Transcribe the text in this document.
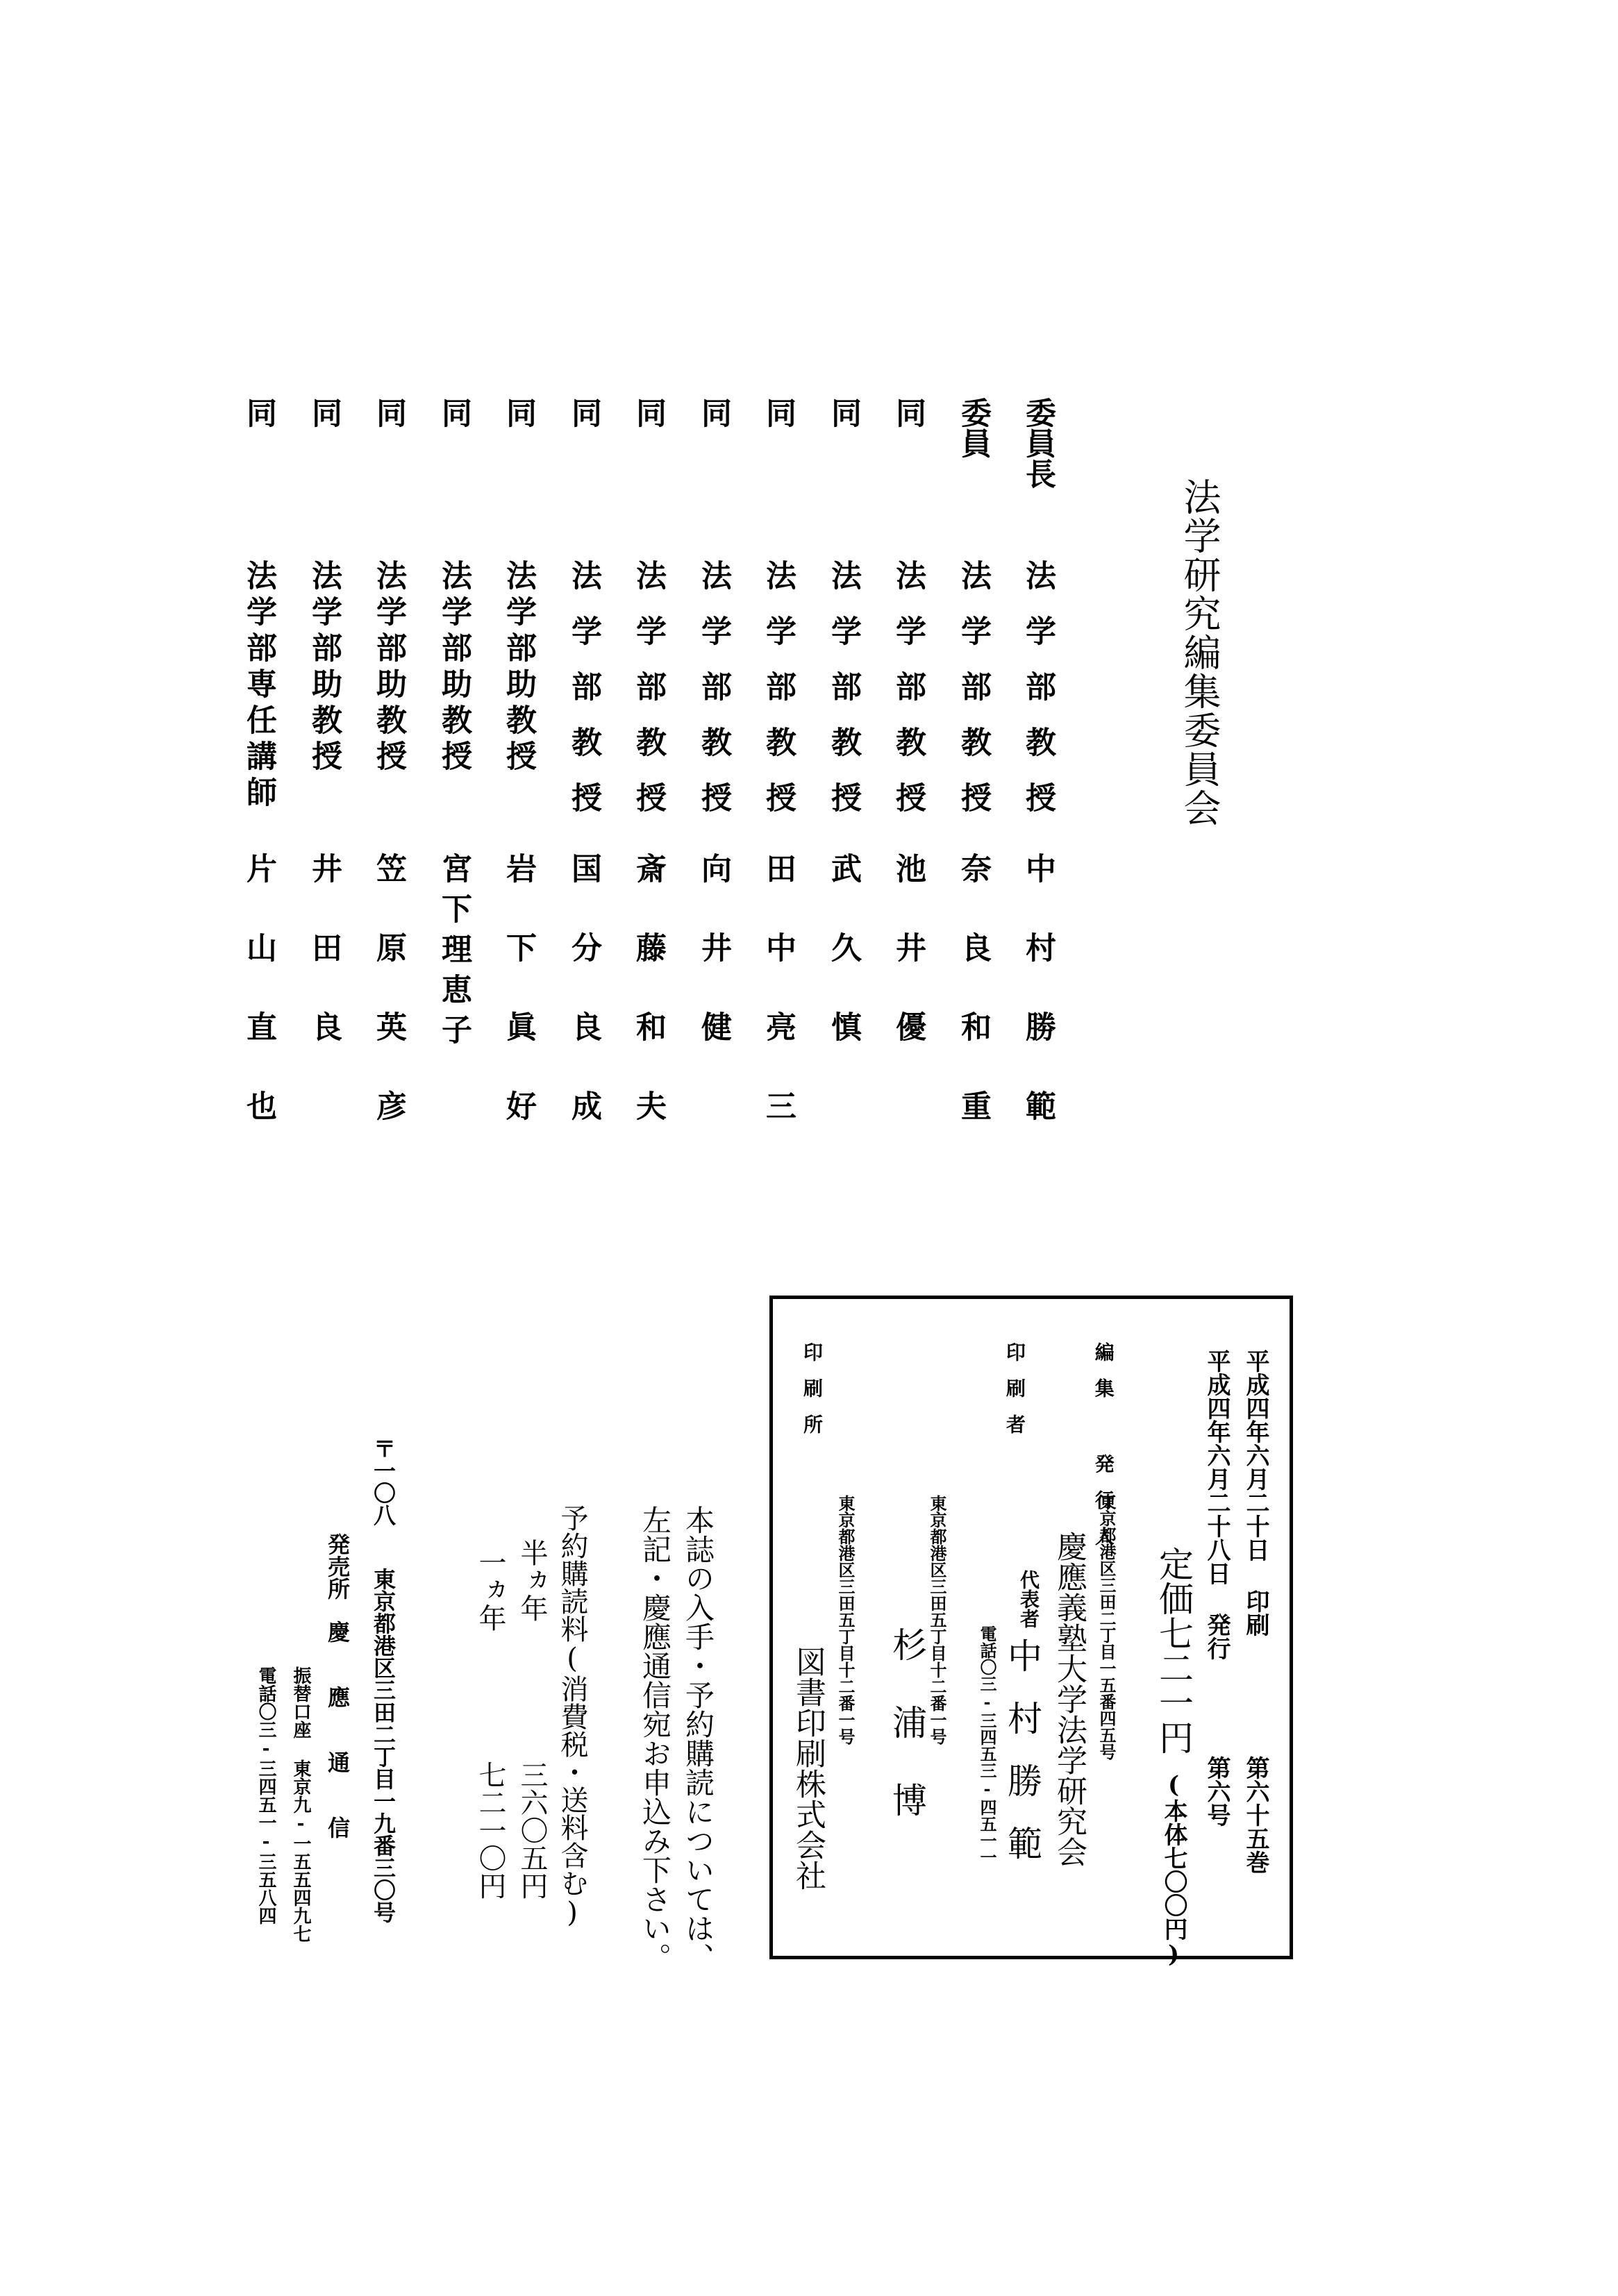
法学研究編集委員会
委員長
法学部教授
中村勝範
委員
法学部教授
奈良和重
同
法学部教授
池井優
同
法学部教授
武久慎
同
法学部教授
田中亮三
同
法学部教授
向井健
同
法学部教授
斎藤和夫
同
法学部教授
国分良成
同
法学部助教授
岩下眞好
同
法学部助教授
宮下理恵子
同
法学部助教授
笠原英彦
同
法学部助教授
井田良
同
法学部専任講師
片山直也
平成四年六月二十日 印刷
第六十五巻
平成四年六月二十八日 発行
第六号
定価七二一円
(本体七〇〇円)
編集 発行人
東京都港区三田二丁目一五番四五号
慶應義塾大学法学研究会
代表者
中村勝範
電話〇三-三四五三-四五一一
印刷者
東京都港区三田五丁目十二番一号
杉浦博
印刷所
東京都港区三田五丁目十二番一号
図書印刷株式会社
本誌の入手・予約購読については、
左記・慶應通信宛お申込み下さい。
予約購読料(消費税・送料含む)
半ヵ年
三六〇五円
一ヵ年
七二一〇円
〒一〇八
東京都港区三田二丁目一九番三〇号
発売所
慶應通信
振替口座 東京九-一五五四九七
電話〇三-三四五一-三五八四
